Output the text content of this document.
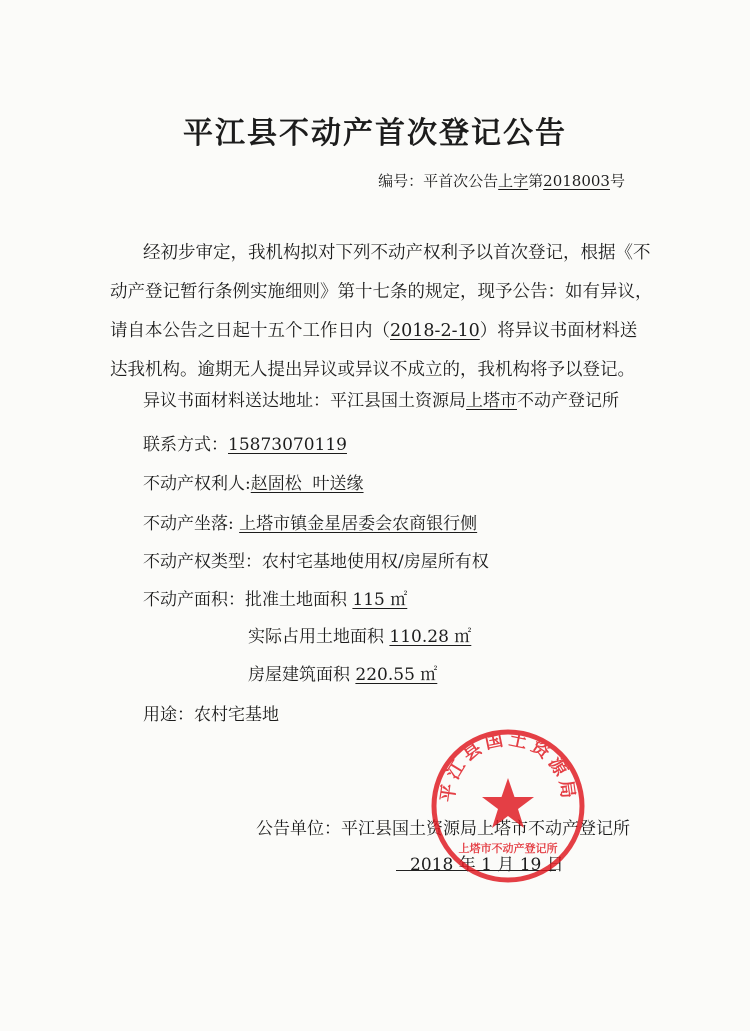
平江县不动产首次登记公告
编号：平首次公告上字第2018003号
经初步审定，我机构拟对下列不动产权利予以首次登记，根据《不
动产登记暂行条例实施细则》第十七条的规定，现予公告：如有异议，
请自本公告之日起十五个工作日内（2018-2-10）将异议书面材料送
达我机构。逾期无人提出异议或异议不成立的，我机构将予以登记。
异议书面材料送达地址：平江县国土资源局上塔市不动产登记所
联系方式：15873070119
不动产权利人:赵固松  叶送缘
不动产坐落: 上塔市镇金星居委会农商银行侧
不动产权类型：农村宅基地使用权/房屋所有权
不动产面积：批准土地面积 115 ㎡
实际占用土地面积 110.28 ㎡
房屋建筑面积 220.55 ㎡
用途：农村宅基地
公告单位：平江县国土资源局上塔市不动产登记所
2018 年 1 月 19 日
平江县国土资源局
上塔市不动产登记所
